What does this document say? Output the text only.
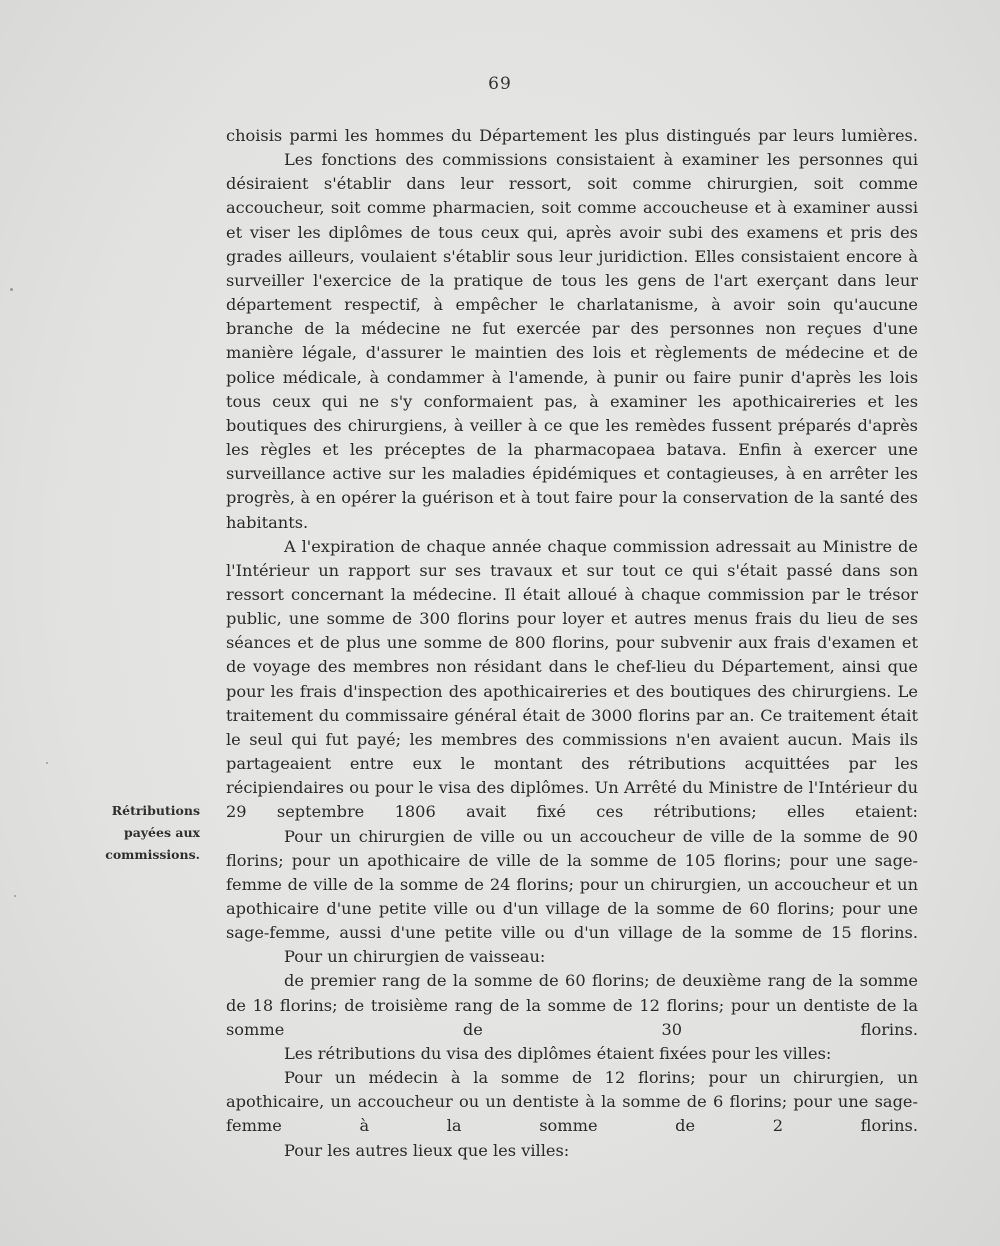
69
Rétributions payées aux commissions.

choisis parmi les hommes du Département les plus distingués par leurs lumières.

Les fonctions des commissions consistaient à examiner les personnes qui désiraient s'établir dans leur ressort, soit comme chirurgien, soit comme accoucheur, soit comme pharmacien, soit comme accoucheuse et à examiner aussi et viser les diplômes de tous ceux qui, après avoir subi des examens et pris des grades ailleurs, voulaient s'établir sous leur juridiction. Elles consistaient encore à surveiller l'exercice de la pratique de tous les gens de l'art exerçant dans leur département respectif, à empêcher le charlatanisme, à avoir soin qu'aucune branche de la médecine ne fut exercée par des personnes non reçues d'une manière légale, d'assurer le maintien des lois et règlements de médecine et de police médicale, à condammer à l'amende, à punir ou faire punir d'après les lois tous ceux qui ne s'y conformaient pas, à examiner les apothicaireries et les boutiques des chirurgiens, à veiller à ce que les remèdes fussent préparés d'après les règles et les préceptes de la pharmacopaea batava. Enfin à exercer une surveillance active sur les maladies épidémiques et contagieuses, à en arrêter les progrès, à en opérer la guérison et à tout faire pour la conservation de la santé des habitants.

A l'expiration de chaque année chaque commission adressait au Ministre de l'Intérieur un rapport sur ses travaux et sur tout ce qui s'était passé dans son ressort concernant la médecine. Il était alloué à chaque commission par le trésor public, une somme de 300 florins pour loyer et autres menus frais du lieu de ses séances et de plus une somme de 800 florins, pour subvenir aux frais d'examen et de voyage des membres non résidant dans le chef-lieu du Département, ainsi que pour les frais d'inspection des apothicaireries et des boutiques des chirurgiens. Le traitement du commissaire général était de 3000 florins par an. Ce traitement était le seul qui fut payé; les membres des commissions n'en avaient aucun. Mais ils partageaient entre eux le montant des rétributions acquittées par les récipiendaires ou pour le visa des diplômes. Un Arrêté du Ministre de l'Intérieur du 29 septembre 1806 avait fixé ces rétributions; elles etaient:

Pour un chirurgien de ville ou un accoucheur de ville de la somme de 90 florins; pour un apothicaire de ville de la somme de 105 florins; pour une sage-femme de ville de la somme de 24 florins; pour un chirurgien, un accoucheur et un apothicaire d'une petite ville ou d'un village de la somme de 60 florins; pour une sage-femme, aussi d'une petite ville ou d'un village de la somme de 15 florins.

Pour un chirurgien de vaisseau:

de premier rang de la somme de 60 florins; de deuxième rang de la somme de 18 florins; de troisième rang de la somme de 12 florins; pour un dentiste de la somme de 30 florins.

Les rétributions du visa des diplômes étaient fixées pour les villes:

Pour un médecin à la somme de 12 florins; pour un chirurgien, un apothicaire, un accoucheur ou un dentiste à la somme de 6 florins; pour une sage-femme à la somme de 2 florins.

Pour les autres lieux que les villes:
